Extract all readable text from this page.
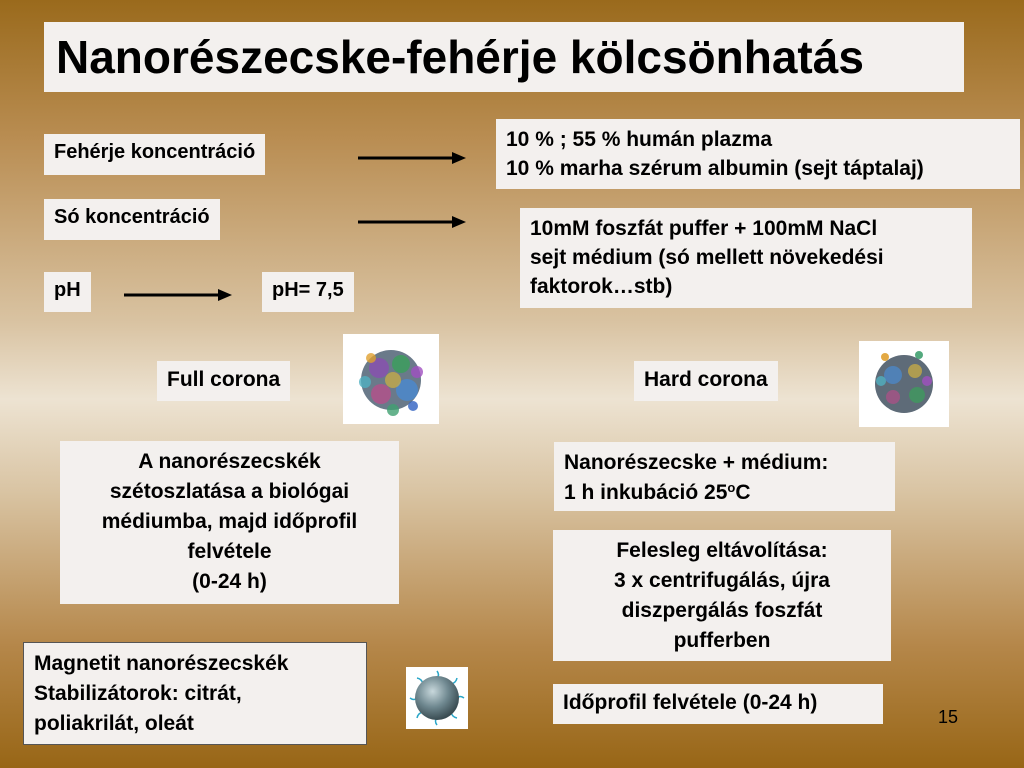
Nanorészecske-fehérje kölcsönhatás
Fehérje koncentráció
10 % ; 55 % humán plazma
10 % marha szérum albumin (sejt táptalaj)
Só koncentráció	10mM foszfát puffer + 100mM NaCl
sejt médium (só mellett növekedési
faktorok…stb)
pH	pH= 7,5
Full corona
A nanorészecskék
szétoszlatása a biológai
médiumba, majd időprofil
felvétele
(0-24 h)
Hard corona
Nanorészecske + médium:
1 h inkubáció 25$^o$C
Felesleg eltávolítása:
3 x centrifugálás, újra
diszpergálás foszfát
pufferben
Időprofil felvétele (0-24 h)
Magnetit nanorészecskék
Stabilizátorok: citrát,
poliakrilát, oleát	15
